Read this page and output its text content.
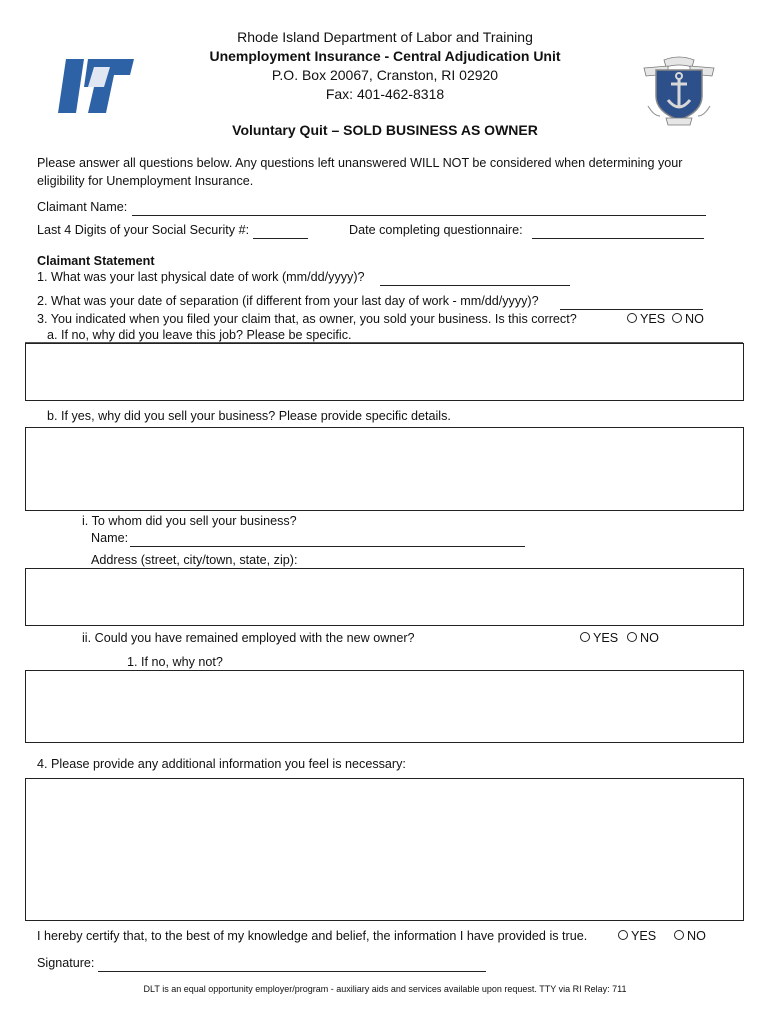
Rhode Island Department of Labor and Training
Unemployment Insurance - Central Adjudication Unit
P.O. Box 20067, Cranston, RI 02920
Fax: 401-462-8318
Voluntary Quit – SOLD BUSINESS AS OWNER
Please answer all questions below. Any questions left unanswered WILL NOT be considered when determining your
eligibility for Unemployment Insurance.
Claimant Name:
Last 4 Digits of your Social Security #:	Date completing questionnaire:
Claimant Statement
1. What was your last physical date of work (mm/dd/yyyy)?
2. What was your date of separation (if different from your last day of work - mm/dd/yyyy)?
3. You indicated when you filed your claim that, as owner, you sold your business. Is this correct?	YES	NO
a. If no, why did you leave this job? Please be specific.
b. If yes, why did you sell your business? Please provide specific details.
i. To whom did you sell your business?
Name:
Address (street, city/town, state, zip):
ii. Could you have remained employed with the new owner?	YES	NO
1. If no, why not?
4. Please provide any additional information you feel is necessary:
I hereby certify that, to the best of my knowledge and belief, the information I have provided is true.	YES	NO
Signature:
DLT is an equal opportunity employer/program - auxiliary aids and services available upon request. TTY via RI Relay: 711
